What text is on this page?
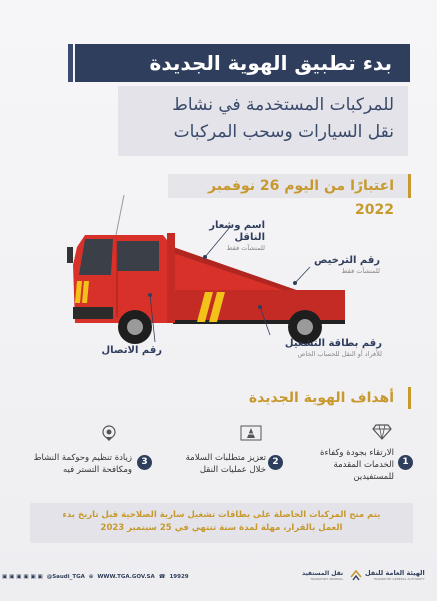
بدء تطبيق الهوية الجديدة
للمركبات المستخدمة في نشاط
نقل السيارات وسحب المركبات
اعتبارًا من اليوم 26 نوفمبر 2022
اسم وشعار الناقل
للمنشآت فقط
رقم الترخيص
للمنشآت فقط
رقم بطاقة التشغيل
للأفراد أو النقل للحساب الخاص
رقم الاتصال
أهداف الهوية الجديدة
1
الارتقاء بجودة وكفاءة الخدمات المقدمة للمستفيدين
2
تعزيز متطلبات السلامة خلال عمليات النقل
3
زيادة تنظيم وحوكمة النشاط ومكافحة التستر فيه
يتم منح المركبات الحاصلة على بطاقات تشغيل سارية الصلاحية قبل تاريخ بدء
العمل بالقرار، مهلة لمدة سنة تنتهي في 25 سبتمبر 2023
▣ ▣ ▣ ▣ ▣ ▣ @Saudi_TGA ⊕ WWW.TGA.GOV.SA ☎ 19929	نقل المستفيد
TRANSPORT GENERAL
الهيئة العامة للنقل
TRANSPORT GENERAL AUTHORITY
